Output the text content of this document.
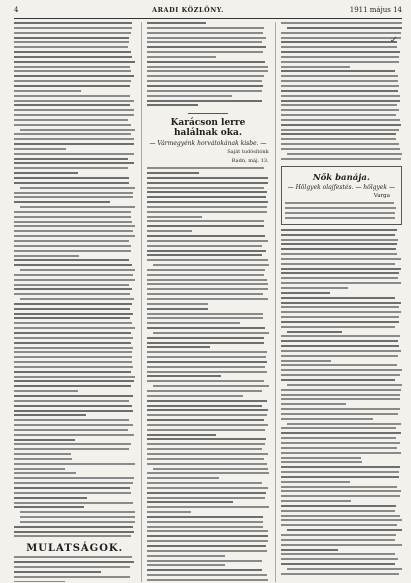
4	ARADI KÖZLÖNY.	1911 május 14
MULATSÁGOK.
Karácson lerre halálnak oka.
— Vármegyénk horvátokának kisbe. —
Saját tudósítónk
Radn, máj. 13.
✓
Nők banája.
— Hölgyek olajfestés. — hölgyek —
Varga
